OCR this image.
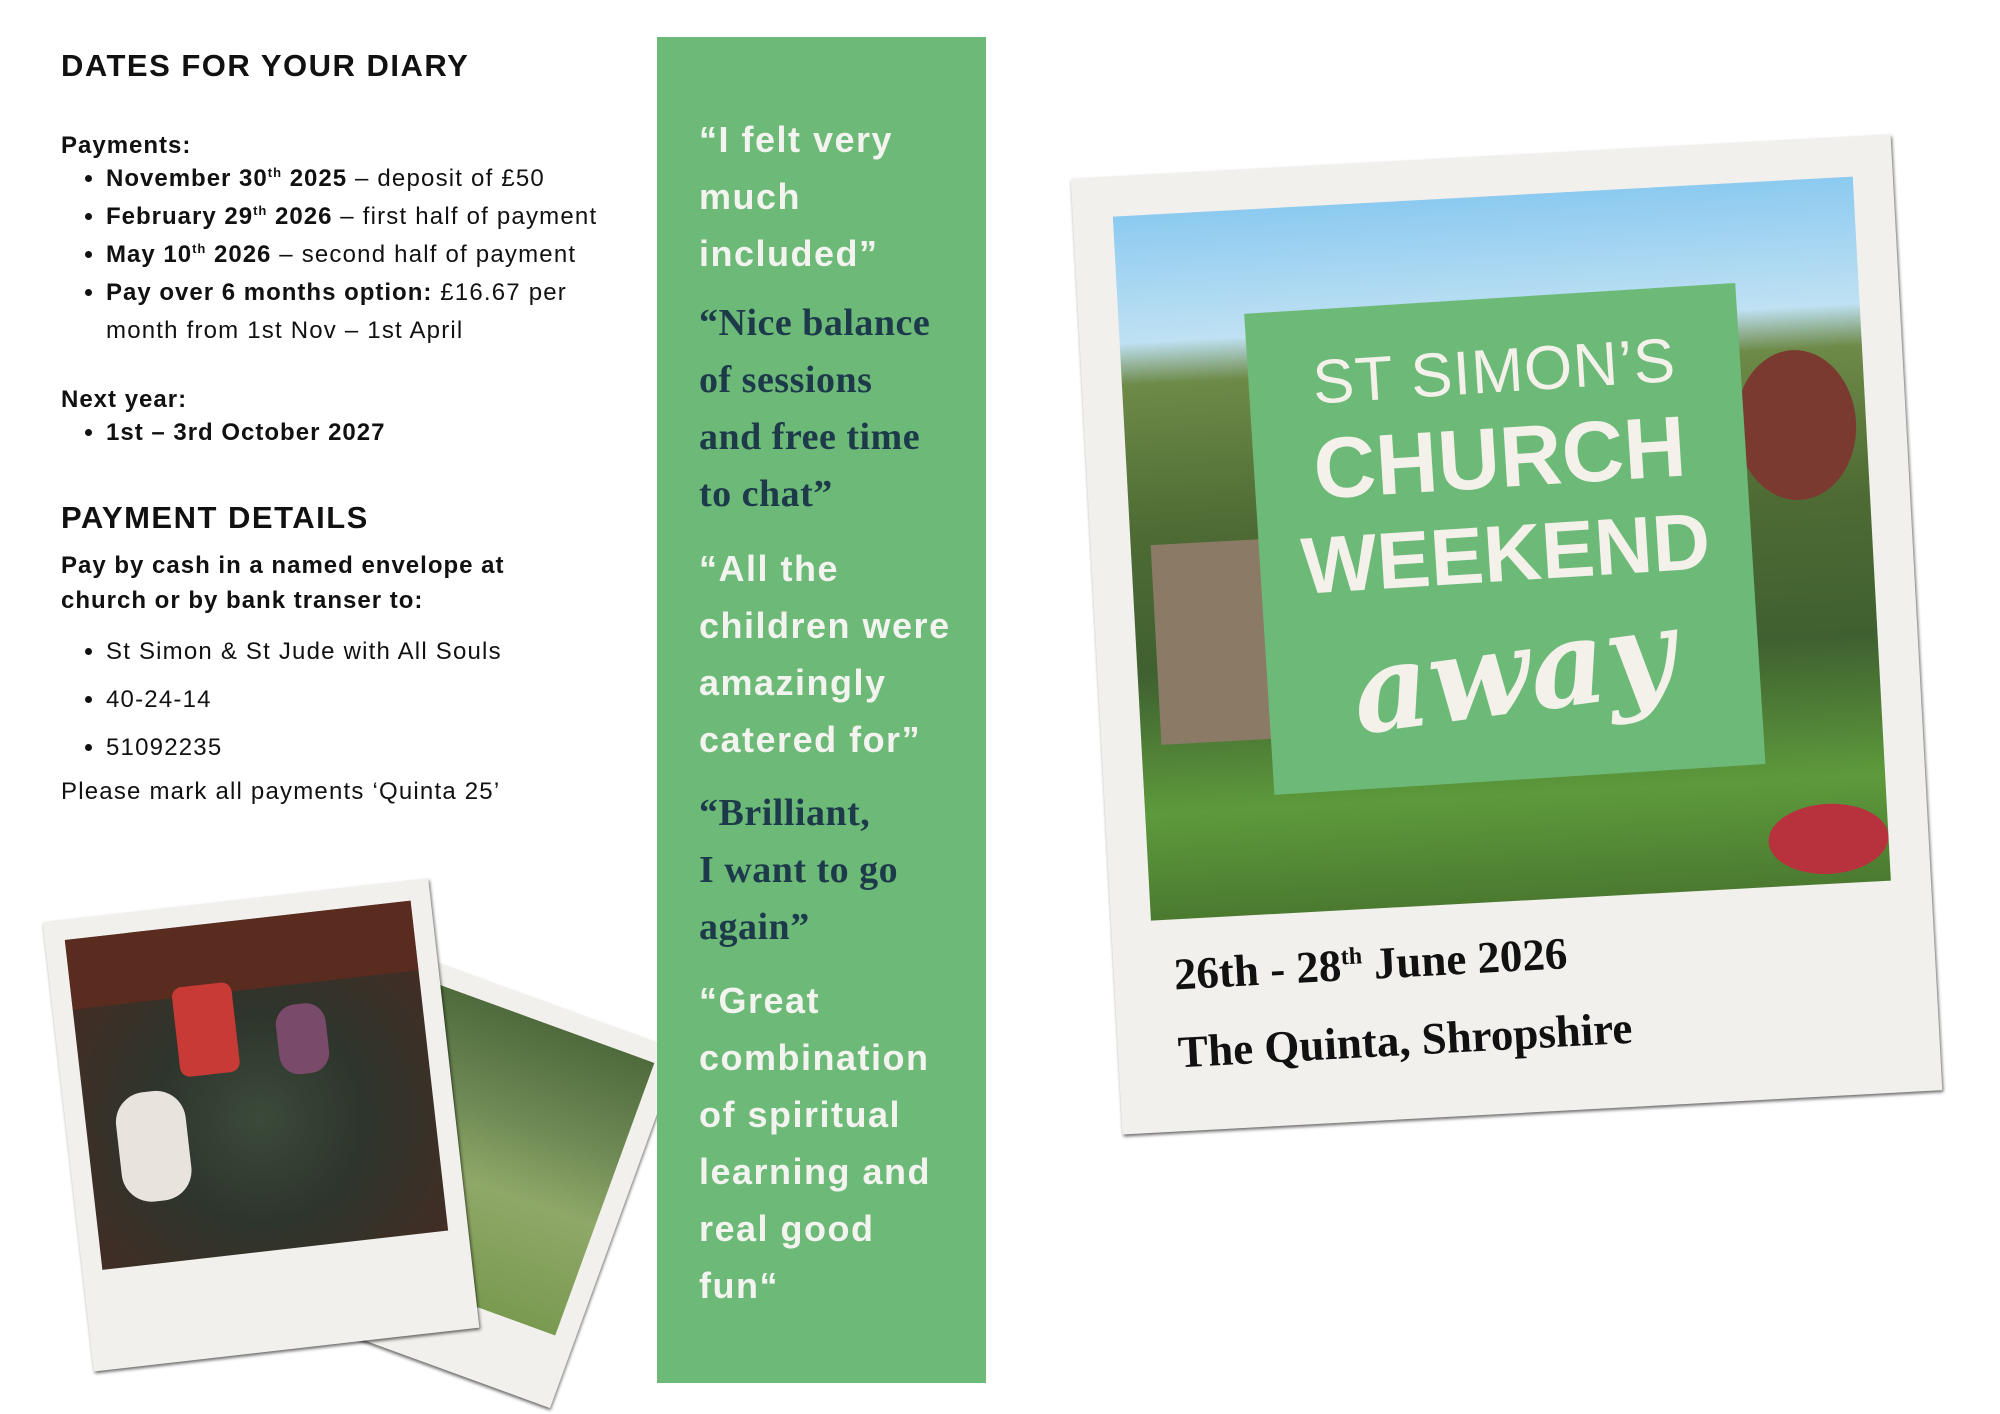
DATES FOR YOUR DIARY

Payments:

• November 30th 2025 – deposit of £50
• February 29th 2026 – first half of payment
• May 10th 2026 – second half of payment
• Pay over 6 months option: £16.67 per month from 1st Nov – 1st April

Next year:

• 1st – 3rd October 2027
PAYMENT DETAILS

Pay by cash in a named envelope at church or by bank transer to:

• St Simon & St Jude with All Souls
• 40-24-14
• 51092235

Please mark all payments ‘Quinta 25’

“I felt very
much
included”
“Nice balance
of sessions
and free time
to chat”
“All the
children were
amazingly
catered for”
“Brilliant,
I want to go
again”
“Great
combination
of spiritual
learning and
real good
fun“
ST SIMON’S
CHURCH
WEEKEND
away
26th - 28th June 2026
The Quinta, Shropshire
